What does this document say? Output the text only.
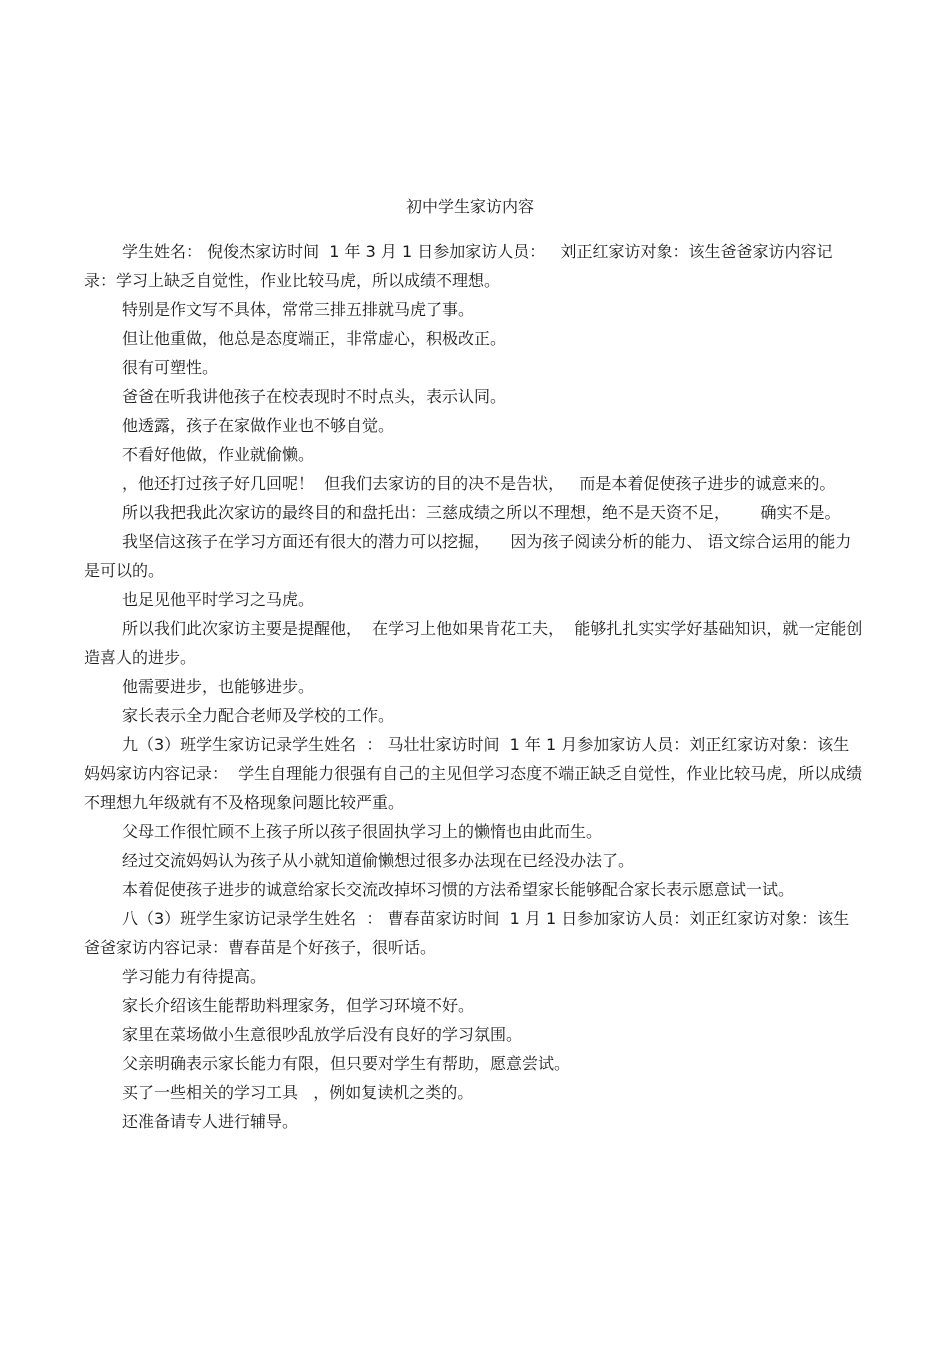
初中学生家访内容

学生姓名： 倪俊杰家访时间  1 年 3 月 1 日参加家访人员：   刘正红家访对象：该生爸爸家访内容记录：学习上缺乏自觉性，作业比较马虎，所以成绩不理想。

特别是作文写不具体，常常三排五排就马虎了事。

但让他重做，他总是态度端正，非常虚心，积极改正。

很有可塑性。

爸爸在听我讲他孩子在校表现时不时点头，表示认同。

他透露，孩子在家做作业也不够自觉。

不看好他做，作业就偷懒。

，他还打过孩子好几回呢！  但我们去家访的目的决不是告状，   而是本着促使孩子进步的诚意来的。

所以我把我此次家访的最终目的和盘托出：三慈成绩之所以不理想，绝不是天资不足，      确实不是。

我坚信这孩子在学习方面还有很大的潜力可以挖掘，    因为孩子阅读分析的能力、 语文综合运用的能力是可以的。

也足见他平时学习之马虎。

所以我们此次家访主要是提醒他，  在学习上他如果肯花工夫，  能够扎扎实实学好基础知识，就一定能创造喜人的进步。

他需要进步，也能够进步。

家长表示全力配合老师及学校的工作。

九（3）班学生家访记录学生姓名  ： 马壮壮家访时间  1 年 1 月参加家访人员：刘正红家访对象：该生妈妈家访内容记录：  学生自理能力很强有自己的主见但学习态度不端正缺乏自觉性，作业比较马虎，所以成绩不理想九年级就有不及格现象问题比较严重。

父母工作很忙顾不上孩子所以孩子很固执学习上的懒惰也由此而生。

经过交流妈妈认为孩子从小就知道偷懒想过很多办法现在已经没办法了。

本着促使孩子进步的诚意给家长交流改掉坏习惯的方法希望家长能够配合家长表示愿意试一试。

八（3）班学生家访记录学生姓名  ： 曹春苗家访时间  1 月 1 日参加家访人员：刘正红家访对象：该生爸爸家访内容记录：曹春苗是个好孩子，很听话。

学习能力有待提高。

家长介绍该生能帮助料理家务，但学习环境不好。

家里在菜场做小生意很吵乱放学后没有良好的学习氛围。

父亲明确表示家长能力有限，但只要对学生有帮助，愿意尝试。

买了一些相关的学习工具   ，例如复读机之类的。

还准备请专人进行辅导。
